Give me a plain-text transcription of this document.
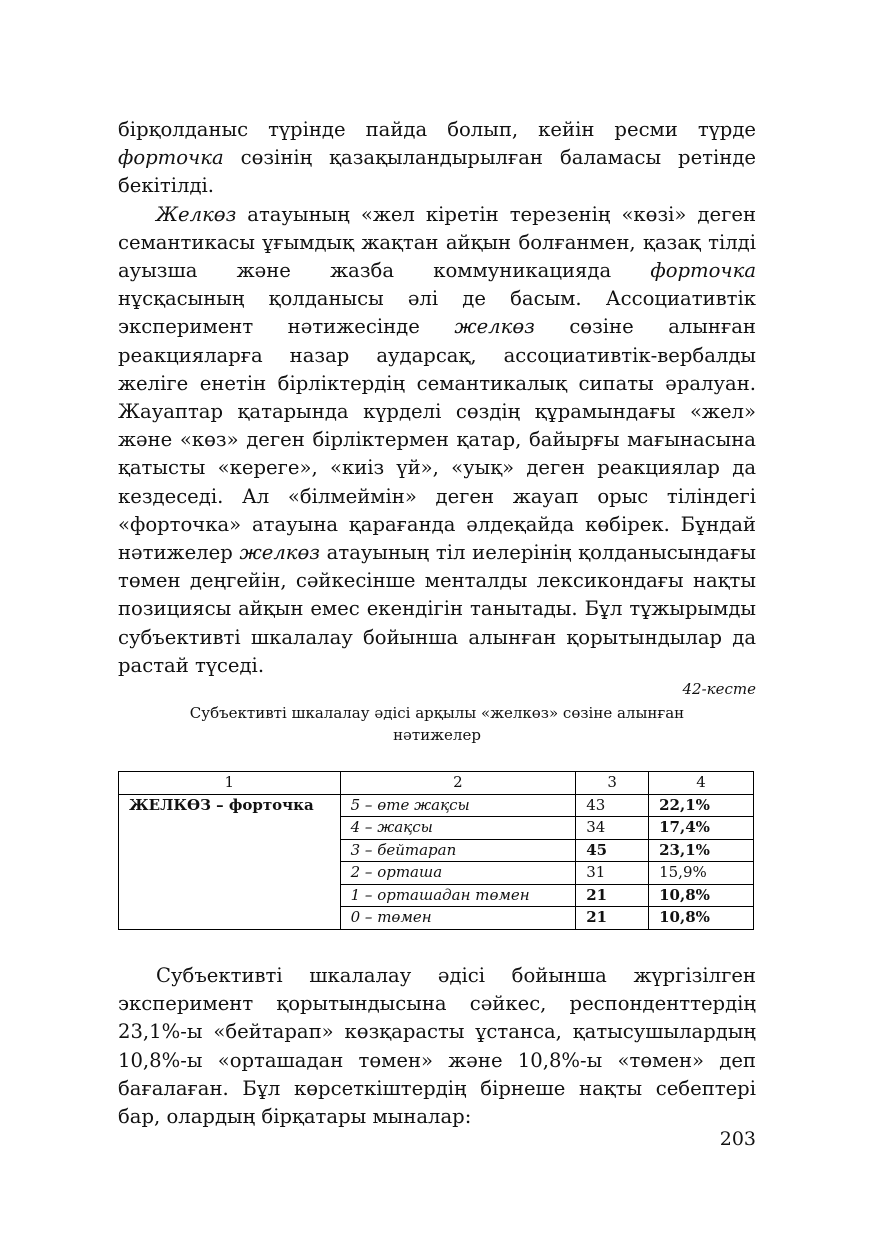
бірқолданыс түрінде пайда болып, кейін ресми түрде форточка сөзінің қазақыландырылған баламасы ретінде бекітілді.

Желкөз атауының «жел кіретін терезенің «көзі» деген семантикасы ұғымдық жақтан айқын болғанмен, қазақ тілді ауызша және жазба коммуникацияда форточка нұсқасының қолданысы әлі де басым. Ассоциативтік эксперимент нәтижесінде желкөз сөзіне алынған реакцияларға назар аударсақ, ассоциативтік-вербалды желіге енетін бірліктердің семантикалық сипаты әралуан. Жауаптар қатарында күрделі сөздің құрамындағы «жел» және «көз» деген бірліктермен қатар, байырғы мағынасына қатысты «кереге», «киіз үй», «уық» деген реакциялар да кездеседі. Ал «білмеймін» деген жауап орыс тіліндегі «форточка» атауына қарағанда әлдеқайда көбірек. Бұндай нәтижелер желкөз атауының тіл иелерінің қолданысындағы төмен деңгейін, сәйкесінше менталды лексикондағы нақты позициясы айқын емес екендігін танытады. Бұл тұжырымды субъективті шкалалау бойынша алынған қорытындылар да растай түседі.

42-кесте
Субъективті шкалалау әдісі арқылы «желкөз» сөзіне алынған нәтижелер
1	2	3	4
ЖЕЛКӨЗ – форточка	5 – өте жақсы	43	22,1%
	4 – жақсы	34	17,4%
	3 – бейтарап	45	23,1%
	2 – орташа	31	15,9%
	1 – орташадан төмен	21	10,8%
	0 – төмен	21	10,8%

Субъективті шкалалау әдісі бойынша жүргізілген эксперимент қорытындысына сәйкес, респонденттердің 23,1%-ы «бейтарап» көзқарасты ұстанса, қатысушылардың 10,8%-ы «орташадан төмен» және 10,8%-ы «төмен» деп бағалаған. Бұл көрсеткіштердің бірнеше нақты себептері бар, олардың бірқатары мыналар:

203
